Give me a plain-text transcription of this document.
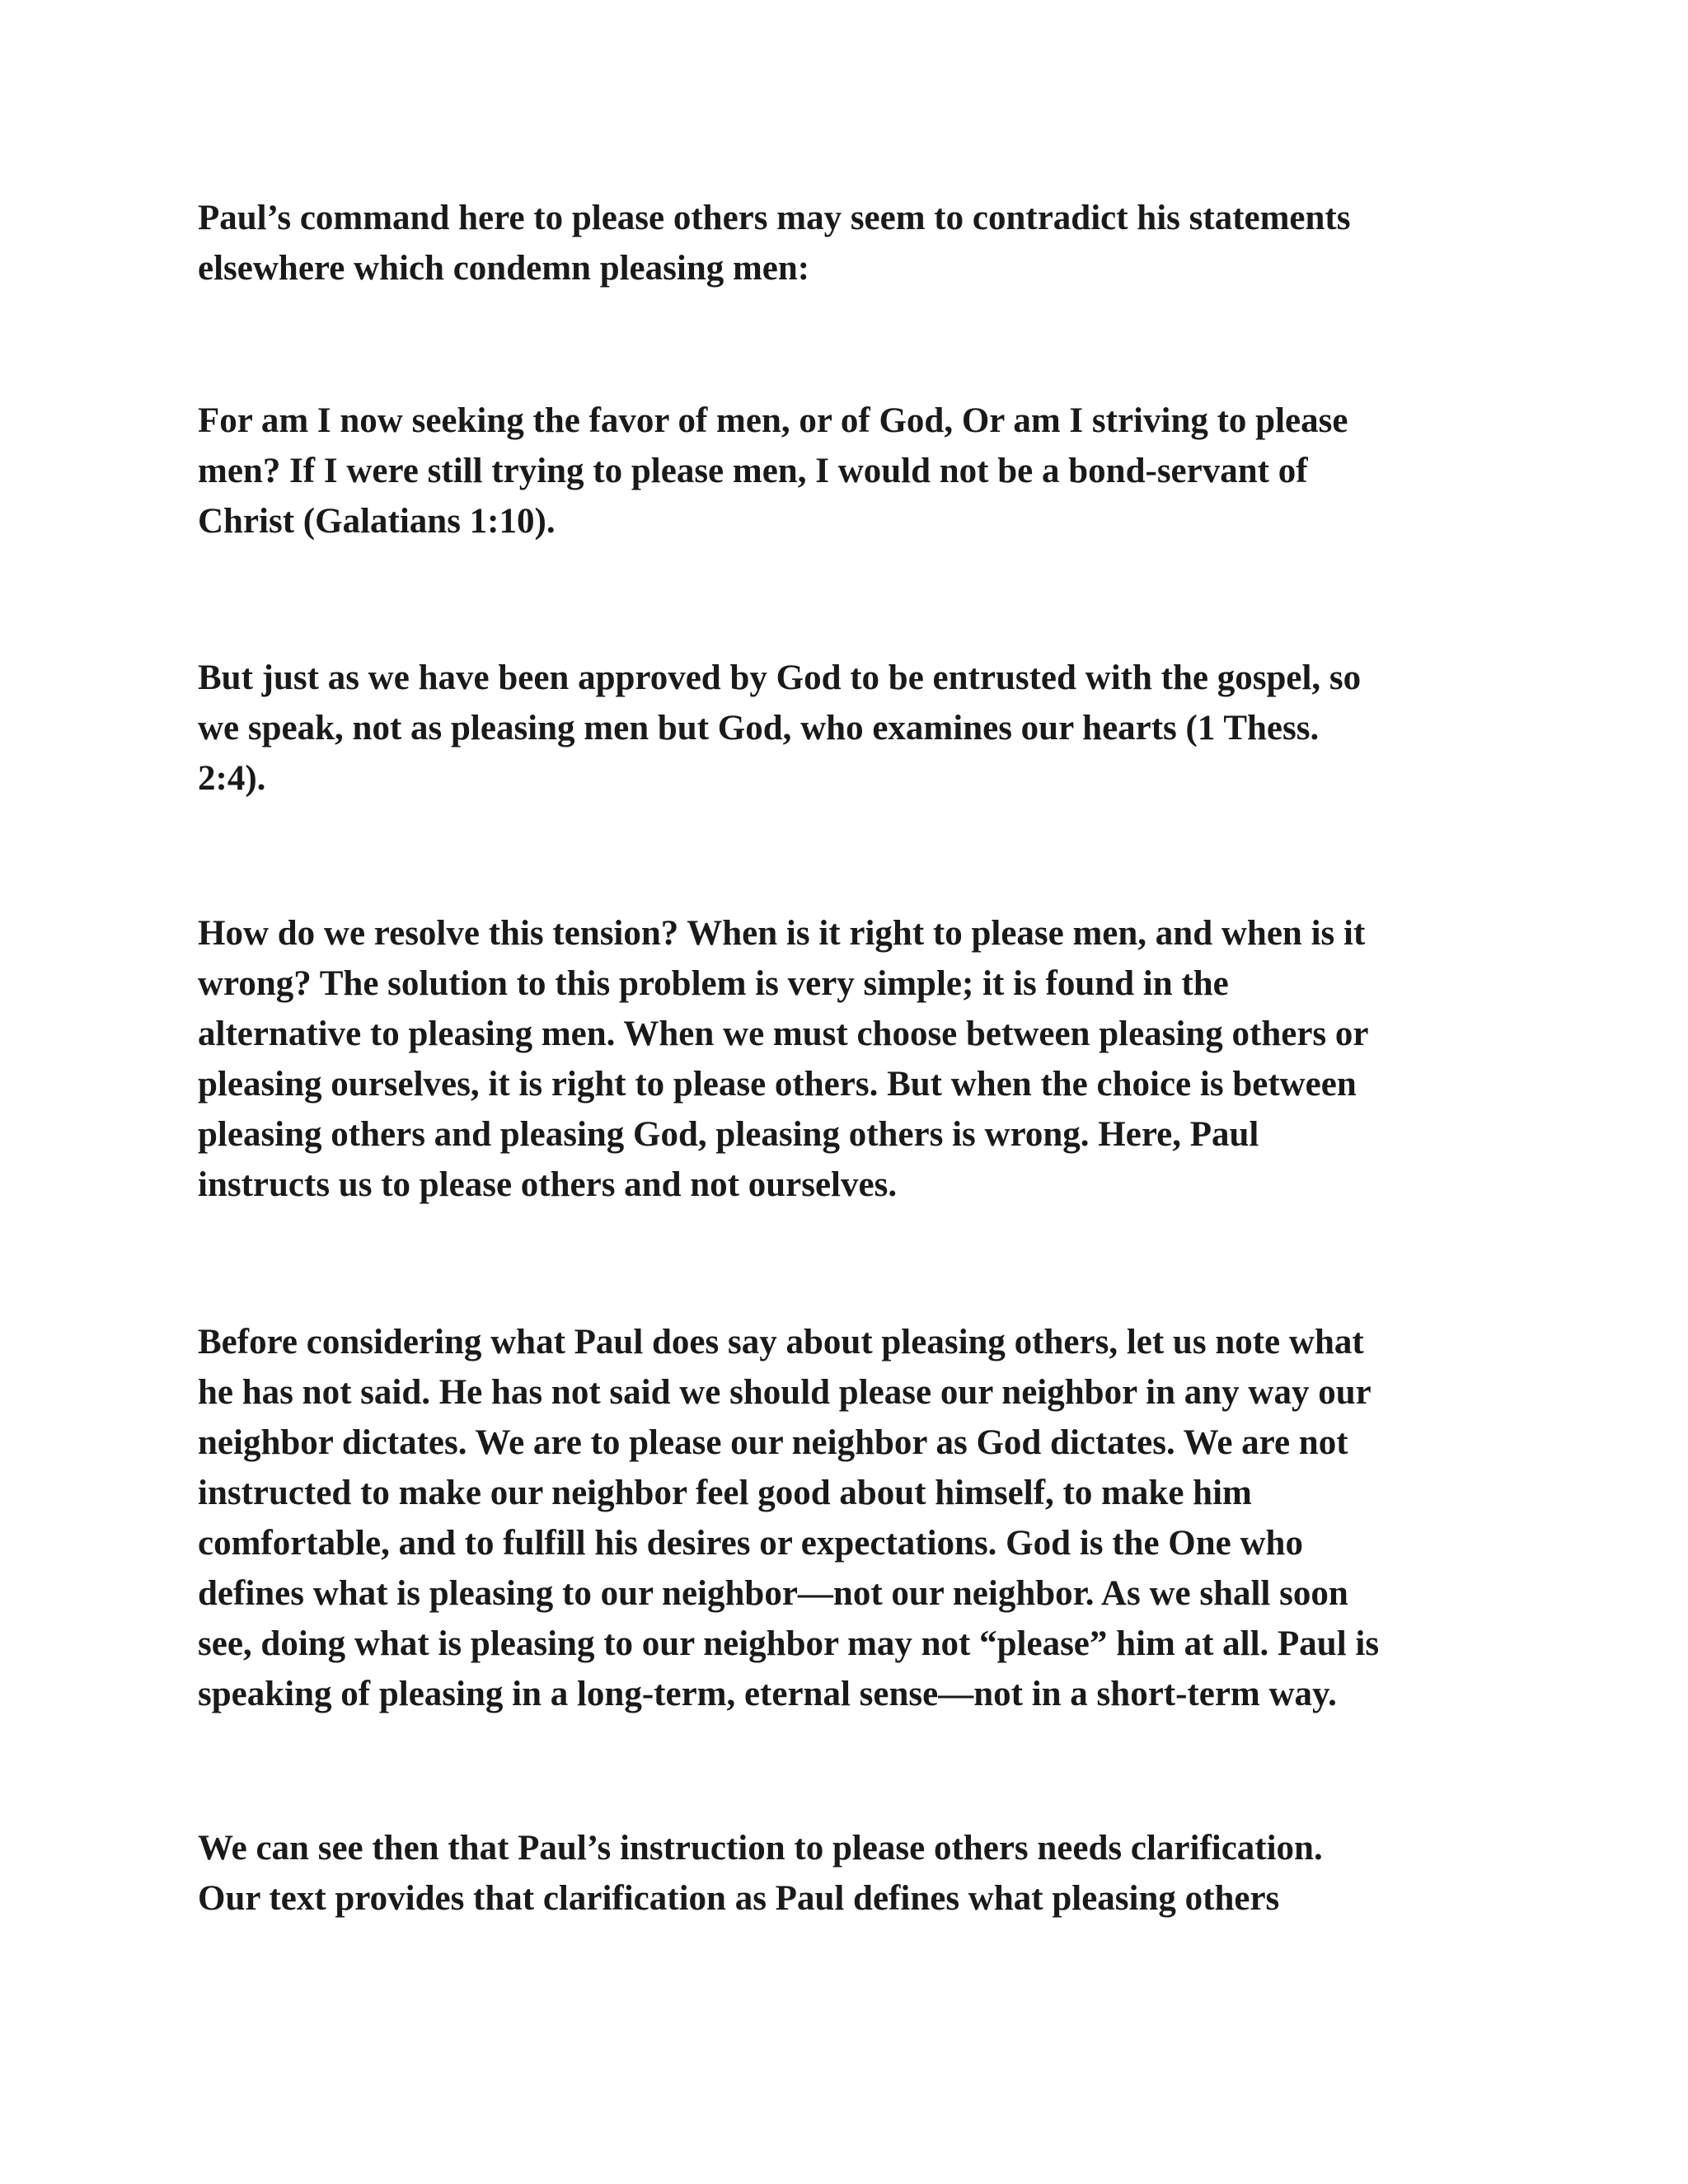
Paul’s command here to please others may seem to contradict his statements
elsewhere which condemn pleasing men:

For am I now seeking the favor of men, or of God, Or am I striving to please
men? If I were still trying to please men, I would not be a bond-servant of
Christ (Galatians 1:10).

But just as we have been approved by God to be entrusted with the gospel, so
we speak, not as pleasing men but God, who examines our hearts (1 Thess.
2:4).

How do we resolve this tension? When is it right to please men, and when is it
wrong? The solution to this problem is very simple; it is found in the
alternative to pleasing men. When we must choose between pleasing others or
pleasing ourselves, it is right to please others. But when the choice is between
pleasing others and pleasing God, pleasing others is wrong. Here, Paul
instructs us to please others and not ourselves.

Before considering what Paul does say about pleasing others, let us note what
he has not said. He has not said we should please our neighbor in any way our
neighbor dictates. We are to please our neighbor as God dictates. We are not
instructed to make our neighbor feel good about himself, to make him
comfortable, and to fulfill his desires or expectations. God is the One who
defines what is pleasing to our neighbor—not our neighbor. As we shall soon
see, doing what is pleasing to our neighbor may not “please” him at all. Paul is
speaking of pleasing in a long-term, eternal sense—not in a short-term way.

We can see then that Paul’s instruction to please others needs clarification.
Our text provides that clarification as Paul defines what pleasing others
